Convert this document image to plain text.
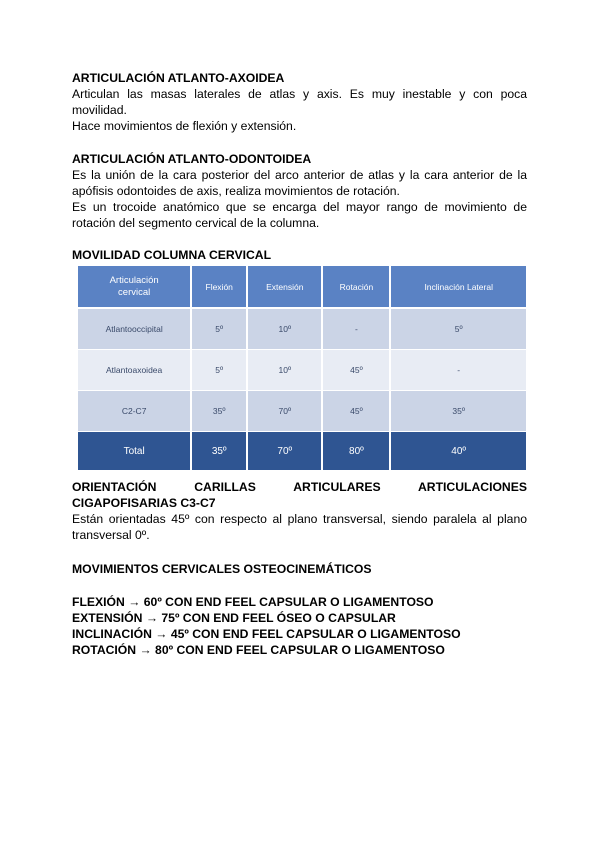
ARTICULACIÓN ATLANTO-AXOIDEA

Articulan las masas laterales de atlas y axis. Es muy inestable y con poca movilidad.

Hace movimientos de flexión y extensión.

ARTICULACIÓN ATLANTO-ODONTOIDEA

Es la unión de la cara posterior del arco anterior de atlas y la cara anterior de la apófisis odontoides de axis, realiza movimientos de rotación.

Es un trocoide anatómico que se encarga del mayor rango de movimiento de rotación del segmento cervical de la columna.

MOVILIDAD COLUMNA CERVICAL

Articulación
cervical	Flexión	Extensión	Rotación	Inclinación Lateral
Atlantooccipital	5º	10º	-	5º
Atlantoaxoidea	5º	10º	45º	-
C2-C7	35º	70º	45º	35º
Total	35º	70º	80º	40º

ORIENTACIÓN CARILLAS ARTICULARES ARTICULACIONES

CIGAPOFISARIAS C3-C7

Están orientadas 45º con respecto al plano transversal, siendo paralela al plano transversal 0º.

MOVIMIENTOS CERVICALES OSTEOCINEMÁTICOS

FLEXIÓN → 60º CON END FEEL CAPSULAR O LIGAMENTOSO

EXTENSIÓN → 75º CON END FEEL ÓSEO O CAPSULAR

INCLINACIÓN → 45º CON END FEEL CAPSULAR O LIGAMENTOSO

ROTACIÓN → 80º CON END FEEL CAPSULAR O LIGAMENTOSO
